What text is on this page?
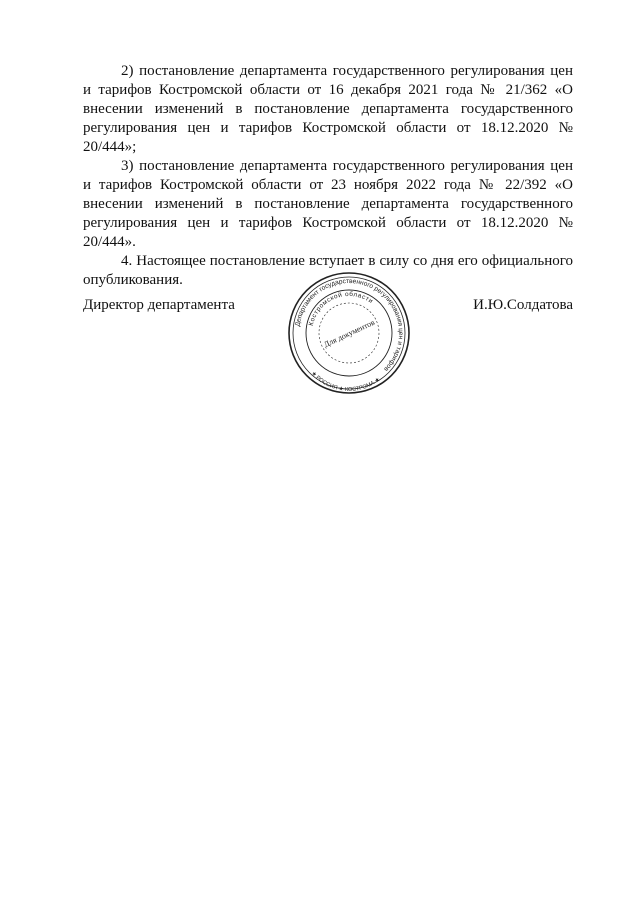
2) постановление департамента государственного регулирования цен и тарифов Костромской области от 16 декабря 2021 года № 21/362 «О внесении изменений в постановление департамента государственного регулирования цен и тарифов Костромской области от 18.12.2020 № 20/444»;

3) постановление департамента государственного регулирования цен и тарифов Костромской области от 23 ноября 2022 года № 22/392 «О внесении изменений в постановление департамента государственного регулирования цен и тарифов Костромской области от 18.12.2020 № 20/444».

4. Настоящее постановление вступает в силу со дня его официального опубликования.

Директор департамента	И.Ю.Солдатова
Департамент государственного регулирования цен и тарифов
Костромской области
★ РОССИЯ ★ КОСТРОМА ★
Для документов
